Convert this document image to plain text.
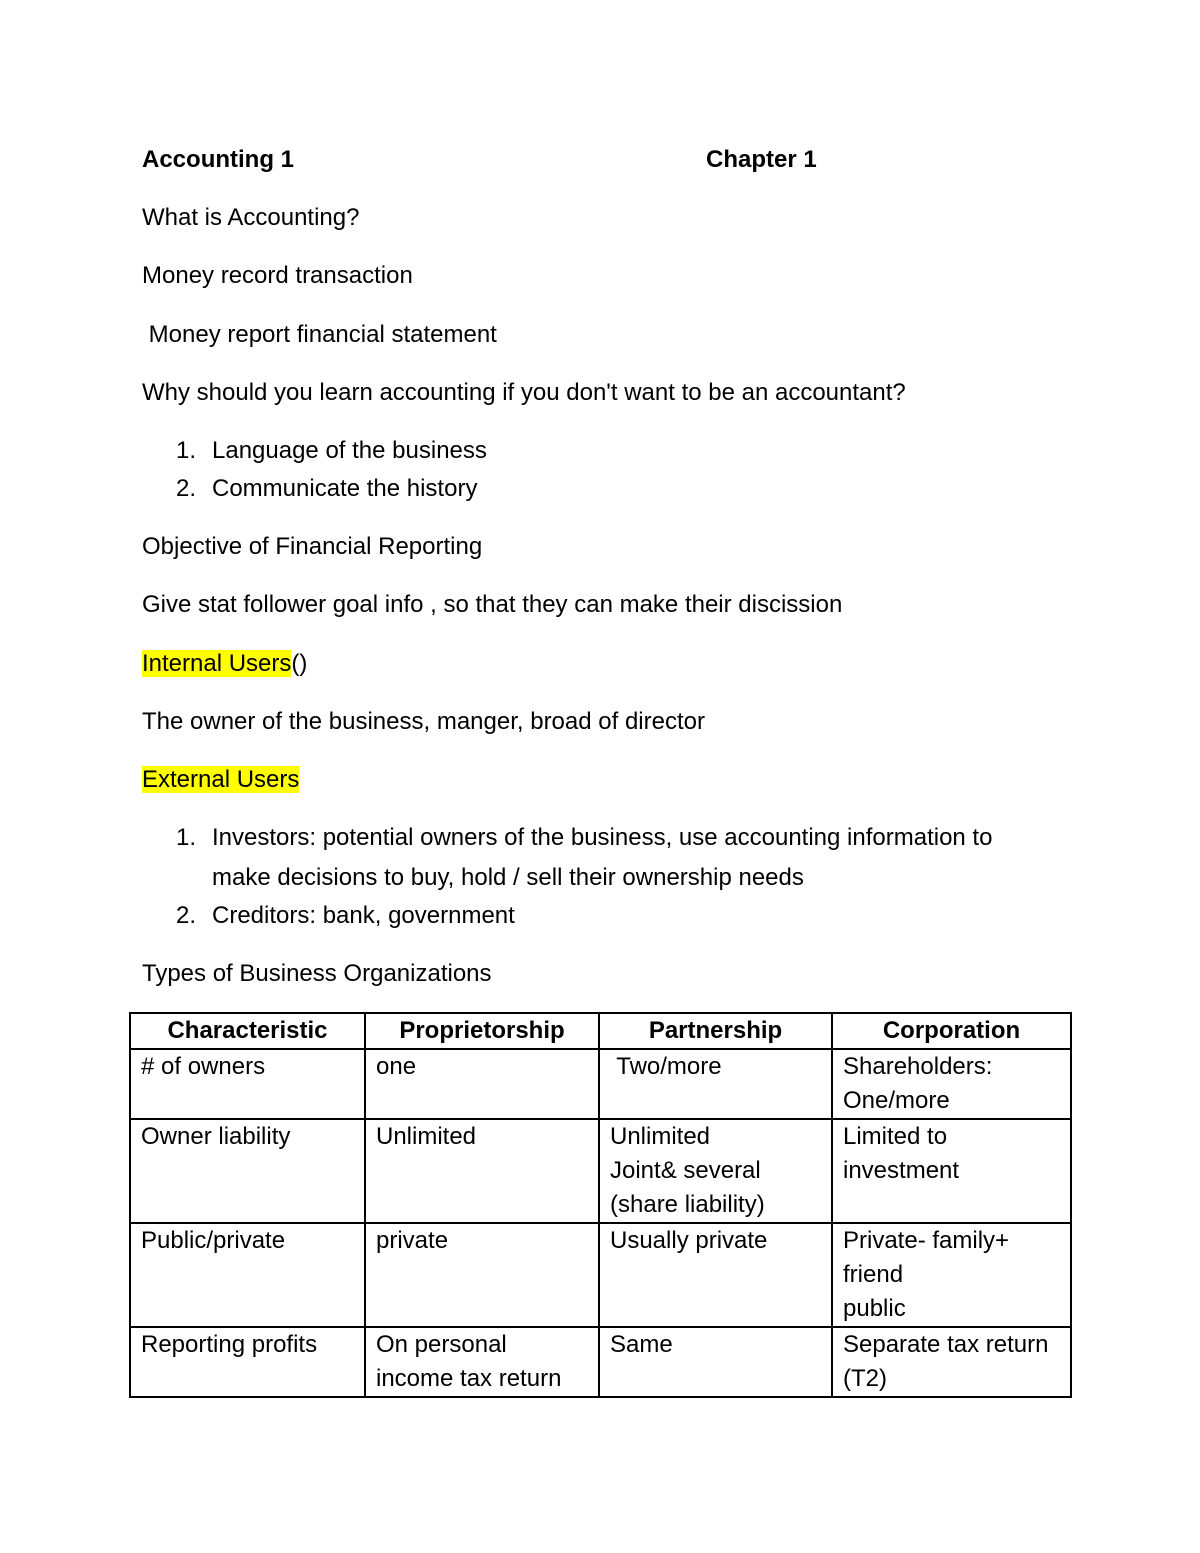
Accounting 1	Chapter 1
What is Accounting?
Money record transaction
Money report financial statement
Why should you learn accounting if you don't want to be an accountant?
1. Language of the business
2. Communicate the history
Objective of Financial Reporting
Give stat follower goal info , so that they can make their discission
Internal Users()
The owner of the business, manger, broad of director
External Users
1. Investors: potential owners of the business, use accounting information to
make decisions to buy, hold / sell their ownership needs
2. Creditors: bank, government
Types of Business Organizations
Characteristic	Proprietorship	Partnership	Corporation

# of owners	one	Two/more	Shareholders:
One/more

Owner liability	Unlimited	Unlimited
Joint& several
(share liability)	Limited to
investment

Public/private	private	Usually private	Private- family+
friend
public

Reporting profits	On personal
income tax return	Same	Separate tax return
(T2)
